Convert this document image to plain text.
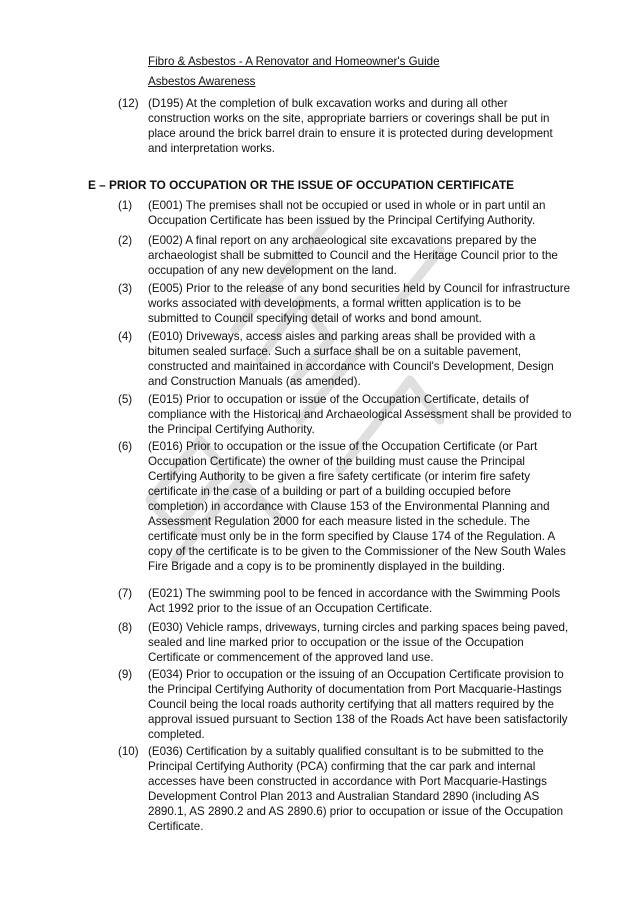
Fibro & Asbestos - A Renovator and Homeowner's Guide
Asbestos Awareness
(12) (D195) At the completion of bulk excavation works and during all other construction works on the site, appropriate barriers or coverings shall be put in place around the brick barrel drain to ensure it is protected during development and interpretation works.
E – PRIOR TO OCCUPATION OR THE ISSUE OF OCCUPATION CERTIFICATE
(1) (E001) The premises shall not be occupied or used in whole or in part until an Occupation Certificate has been issued by the Principal Certifying Authority.
(2) (E002) A final report on any archaeological site excavations prepared by the archaeologist shall be submitted to Council and the Heritage Council prior to the occupation of any new development on the land.
(3) (E005) Prior to the release of any bond securities held by Council for infrastructure works associated with developments, a formal written application is to be submitted to Council specifying detail of works and bond amount.
(4) (E010) Driveways, access aisles and parking areas shall be provided with a bitumen sealed surface. Such a surface shall be on a suitable pavement, constructed and maintained in accordance with Council's Development, Design and Construction Manuals (as amended).
(5) (E015) Prior to occupation or issue of the Occupation Certificate, details of compliance with the Historical and Archaeological Assessment shall be provided to the Principal Certifying Authority.
(6) (E016) Prior to occupation or the issue of the Occupation Certificate (or Part Occupation Certificate) the owner of the building must cause the Principal Certifying Authority to be given a fire safety certificate (or interim fire safety certificate in the case of a building or part of a building occupied before completion) in accordance with Clause 153 of the Environmental Planning and Assessment Regulation 2000 for each measure listed in the schedule. The certificate must only be in the form specified by Clause 174 of the Regulation. A copy of the certificate is to be given to the Commissioner of the New South Wales Fire Brigade and a copy is to be prominently displayed in the building.
(7) (E021) The swimming pool to be fenced in accordance with the Swimming Pools Act 1992 prior to the issue of an Occupation Certificate.
(8) (E030) Vehicle ramps, driveways, turning circles and parking spaces being paved, sealed and line marked prior to occupation or the issue of the Occupation Certificate or commencement of the approved land use.
(9) (E034) Prior to occupation or the issuing of an Occupation Certificate provision to the Principal Certifying Authority of documentation from Port Macquarie-Hastings Council being the local roads authority certifying that all matters required by the approval issued pursuant to Section 138 of the Roads Act have been satisfactorily completed.
(10) (E036) Certification by a suitably qualified consultant is to be submitted to the Principal Certifying Authority (PCA) confirming that the car park and internal accesses have been constructed in accordance with Port Macquarie-Hastings Development Control Plan 2013 and Australian Standard 2890 (including AS 2890.1, AS 2890.2 and AS 2890.6) prior to occupation or issue of the Occupation Certificate.
